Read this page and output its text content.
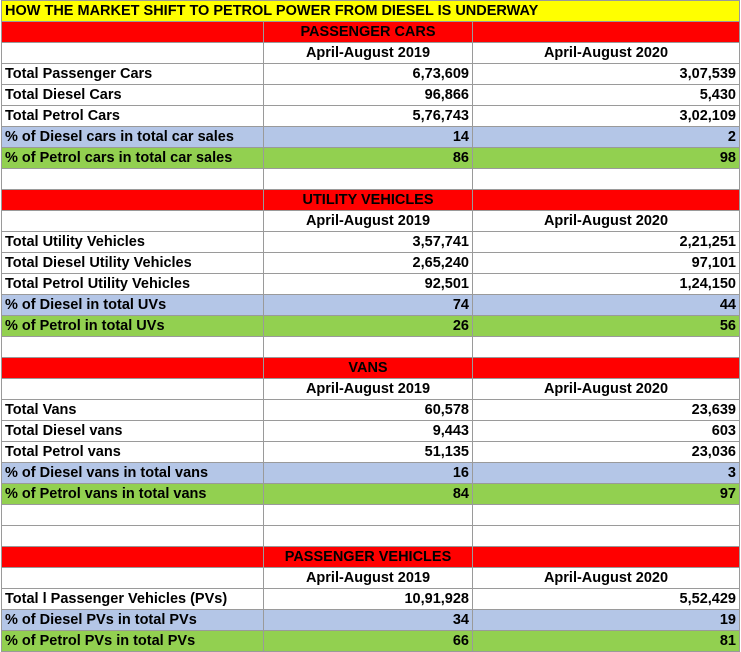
HOW THE MARKET SHIFT TO PETROL POWER FROM DIESEL IS UNDERWAY		
	PASSENGER CARS	
	April-August 2019	April-August 2020
Total Passenger Cars	6,73,609	3,07,539
Total Diesel Cars	96,866	5,430
Total Petrol Cars	5,76,743	3,02,109
% of Diesel cars in total car sales	14	2
% of Petrol cars in total car sales	86	98

	UTILITY VEHICLES	
	April-August 2019	April-August 2020
Total Utility Vehicles	3,57,741	2,21,251
Total Diesel Utility Vehicles	2,65,240	97,101
Total Petrol Utility Vehicles	92,501	1,24,150
% of Diesel in total UVs	74	44
% of Petrol in total UVs	26	56

	VANS	
	April-August 2019	April-August 2020
Total Vans	60,578	23,639
Total Diesel vans	9,443	603
Total Petrol vans	51,135	23,036
% of Diesel vans in total vans	16	3
% of Petrol vans in total vans	84	97

	PASSENGER VEHICLES	
	April-August 2019	April-August 2020
Total l Passenger Vehicles (PVs)	10,91,928	5,52,429
% of Diesel PVs in total PVs	34	19
% of Petrol PVs in total PVs	66	81
